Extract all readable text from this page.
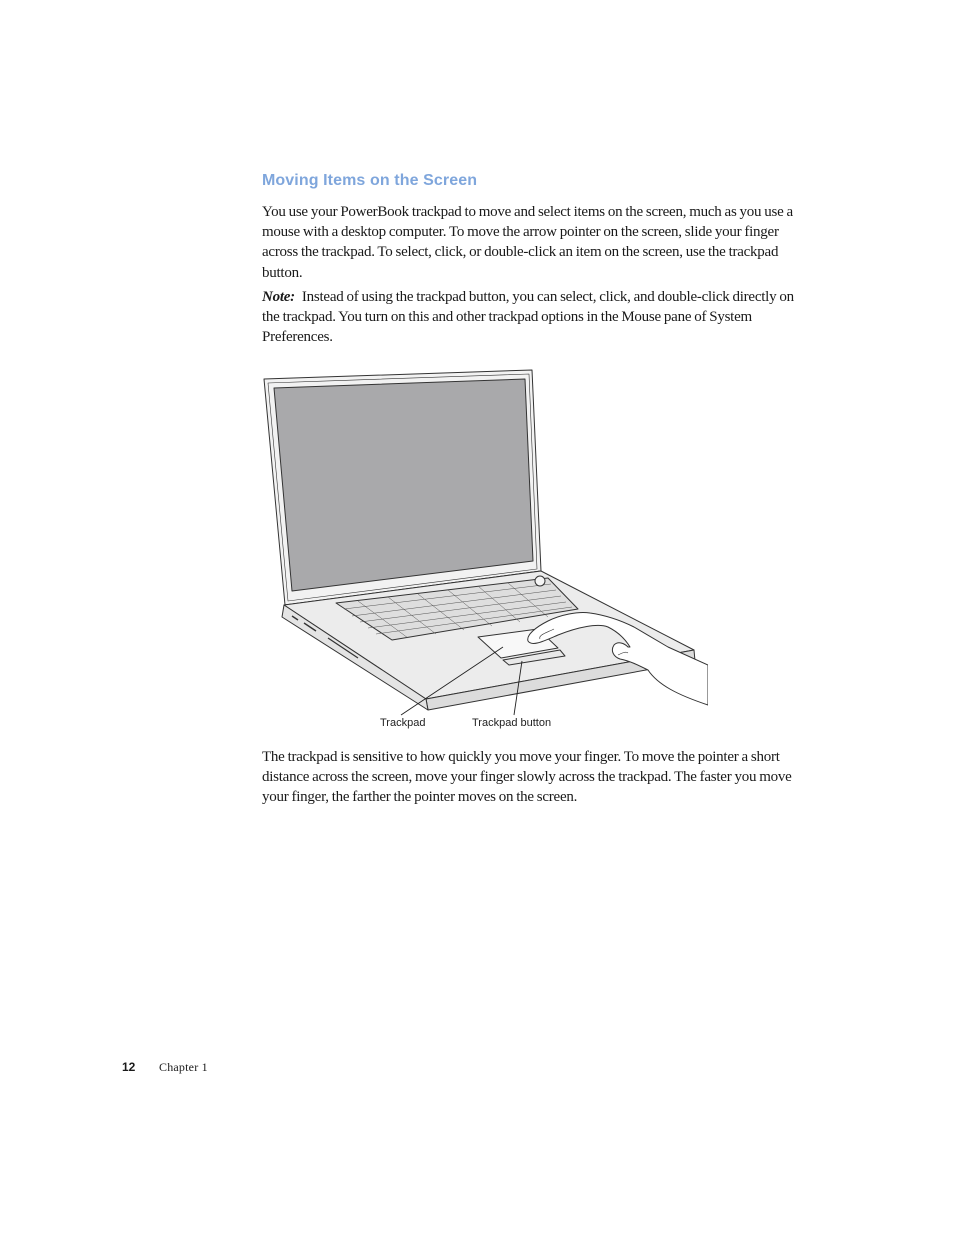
Moving Items on the Screen

You use your PowerBook trackpad to move and select items on the screen, much as you use a mouse with a desktop computer. To move the arrow pointer on the screen, slide your finger across the trackpad. To select, click, or double-click an item on the screen, use the trackpad button.

Note: Instead of using the trackpad button, you can select, click, and double-click directly on the trackpad. You turn on this and other trackpad options in the Mouse pane of System Preferences.

Trackpad	Trackpad button

The trackpad is sensitive to how quickly you move your finger. To move the pointer a short distance across the screen, move your finger slowly across the trackpad. The faster you move your finger, the farther the pointer moves on the screen.

12 Chapter 1
